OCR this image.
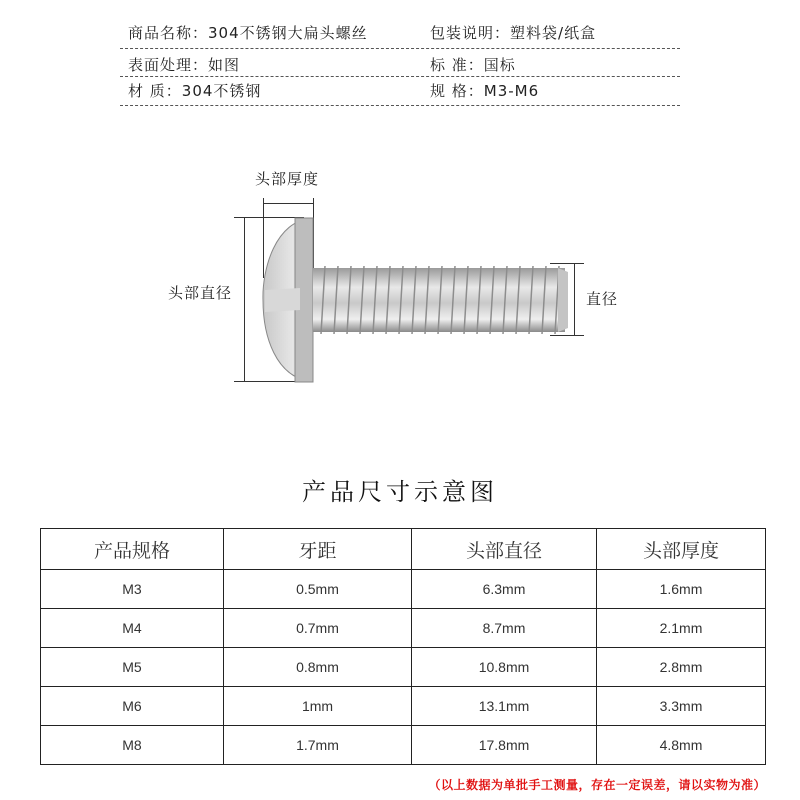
商品名称：304不锈钢大扁头螺丝	包装说明：塑料袋/纸盒
表面处理：如图	标 准：国标
材 质：304不锈钢	规 格：M3-M6
头部厚度
头部直径	直径
产品尺寸示意图
产品规格	牙距	头部直径	头部厚度
M3	0.5mm	6.3mm	1.6mm
M4	0.7mm	8.7mm	2.1mm
M5	0.8mm	10.8mm	2.8mm
M6	1mm	13.1mm	3.3mm
M8	1.7mm	17.8mm	4.8mm
（以上数据为单批手工测量，存在一定误差，请以实物为准）
